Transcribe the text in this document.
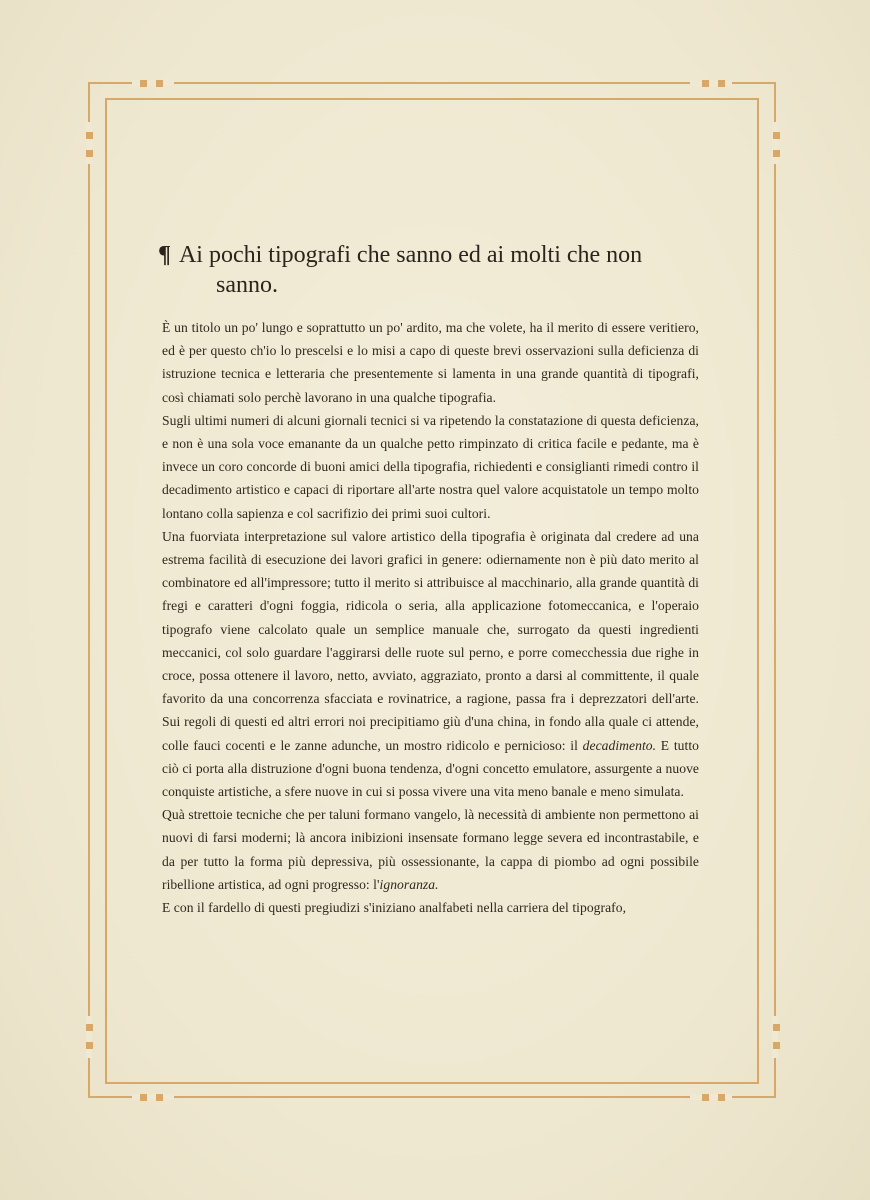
¶ Ai pochi tipografi che sanno ed ai molti che non
sanno.

È un titolo un po' lungo e soprattutto un po' ardito, ma che volete, ha il merito di essere veritiero, ed è per questo ch'io lo prescelsi e lo misi a capo di queste brevi osservazioni sulla deficienza di istruzione tecnica e letteraria che presentemente si lamenta in una grande quantità di tipografi, così chiamati solo perchè lavorano in una qualche tipografia.

Sugli ultimi numeri di alcuni giornali tecnici si va ripetendo la constatazione di questa deficienza, e non è una sola voce emanante da un qualche petto rimpinzato di critica facile e pedante, ma è invece un coro concorde di buoni amici della tipografia, richiedenti e consiglianti rimedi contro il decadimento artistico e capaci di riportare all'arte nostra quel valore acquistatole un tempo molto lontano colla sapienza e col sacrifizio dei primi suoi cultori.

Una fuorviata interpretazione sul valore artistico della tipografia è originata dal credere ad una estrema facilità di esecuzione dei lavori grafici in genere: odiernamente non è più dato merito al combinatore ed all'impressore; tutto il merito si attribuisce al macchinario, alla grande quantità di fregi e caratteri d'ogni foggia, ridicola o seria, alla applicazione fotomeccanica, e l'operaio tipografo viene calcolato quale un semplice manuale che, surrogato da questi ingredienti meccanici, col solo guardare l'aggirarsi delle ruote sul perno, e porre comecchessia due righe in croce, possa ottenere il lavoro, netto, avviato, aggraziato, pronto a darsi al committente, il quale favorito da una concorrenza sfacciata e rovinatrice, a ragione, passa fra i deprezzatori dell'arte. Sui regoli di questi ed altri errori noi precipitiamo giù d'una china, in fondo alla quale ci attende, colle fauci cocenti e le zanne adunche, un mostro ridicolo e pernicioso: il decadimento. E tutto ciò ci porta alla distruzione d'ogni buona tendenza, d'ogni concetto emulatore, assurgente a nuove conquiste artistiche, a sfere nuove in cui si possa vivere una vita meno banale e meno simulata.

Quà strettoie tecniche che per taluni formano vangelo, là necessità di ambiente non permettono ai nuovi di farsi moderni; là ancora inibizioni insensate formano legge severa ed incontrastabile, e da per tutto la forma più depressiva, più ossessionante, la cappa di piombo ad ogni possibile ribellione artistica, ad ogni progresso: l'ignoranza.

E con il fardello di questi pregiudizi s'iniziano analfabeti nella carriera del tipografo,
